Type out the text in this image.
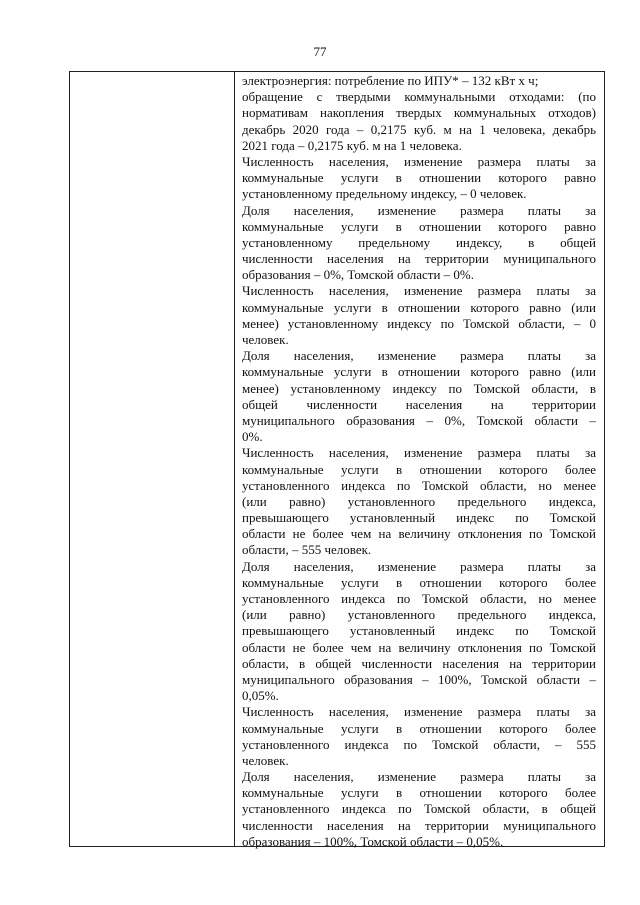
77
электроэнергия: потребление по ИПУ* – 132 кВт х ч;
обращение с твердыми коммунальными отходами: (по
нормативам накопления твердых коммунальных отходов)
декабрь 2020 года – 0,2175 куб. м на 1 человека, декабрь
2021 года – 0,2175 куб. м на 1 человека.
Численность населения, изменение размера платы за
коммунальные услуги в отношении которого равно
установленному предельному индексу, – 0 человек.
Доля населения, изменение размера платы за
коммунальные услуги в отношении которого равно
установленному предельному индексу, в общей
численности населения на территории муниципального
образования – 0%, Томской области – 0%.
Численность населения, изменение размера платы за
коммунальные услуги в отношении которого равно (или
менее) установленному индексу по Томской области, – 0
человек.
Доля населения, изменение размера платы за
коммунальные услуги в отношении которого равно (или
менее) установленному индексу по Томской области, в
общей численности населения на территории
муниципального образования – 0%, Томской области –
0%.
Численность населения, изменение размера платы за
коммунальные услуги в отношении которого более
установленного индекса по Томской области, но менее
(или равно) установленного предельного индекса,
превышающего установленный индекс по Томской
области не более чем на величину отклонения по Томской
области, – 555 человек.
Доля населения, изменение размера платы за
коммунальные услуги в отношении которого более
установленного индекса по Томской области, но менее
(или равно) установленного предельного индекса,
превышающего установленный индекс по Томской
области не более чем на величину отклонения по Томской
области, в общей численности населения на территории
муниципального образования – 100%, Томской области –
0,05%.
Численность населения, изменение размера платы за
коммунальные услуги в отношении которого более
установленного индекса по Томской области, – 555
человек.
Доля населения, изменение размера платы за
коммунальные услуги в отношении которого более
установленного индекса по Томской области, в общей
численности населения на территории муниципального
образования – 100%, Томской области – 0,05%.
